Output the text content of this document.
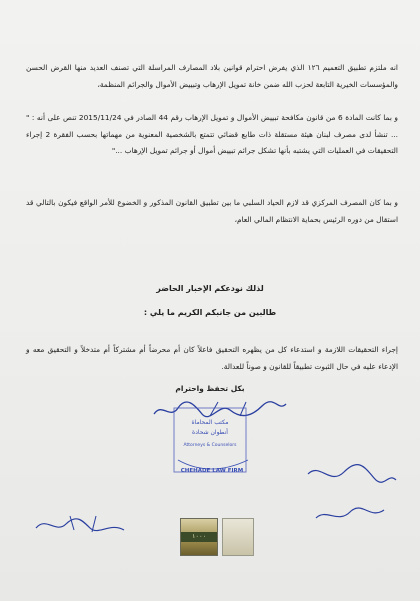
انه ملتزم تطبيق التعميم ١٢٦ الذي يفرض احترام قوانين بلاد المصارف المراسلة التي تصنف العديد منها القرض الحسن والمؤسسات الخيرية التابعة لحزب الله ضمن خانة تمويل الإرهاب وتبييض الأموال والجرائم المنظمة،
و بما كانت المادة 6 من قانون مكافحة تبييض الأموال و تمويل الإرهاب رقم 44 الصادر في 2015/11/24 تنص على أنه : " ... تنشأ لدى مصرف لبنان هيئة مستقلة ذات طابع قضائي تتمتع بالشخصية المعنوية من مهماتها بحسب الفقرة 2 إجراء التحقيقات في العمليات التي يشتبه بأنها تشكل جرائم تبييض أموال أو جرائم تمويل الإرهاب ..."
و بما كان المصرف المركزي قد لازم الحياد السلبي ما بين تطبيق القانون المذكور و الخضوع للأمر الواقع فيكون بالتالي قد استقال من دوره الرئيس بحماية الانتظام المالي العام،
لذلك نودعكم الإخبار الحاضر
طالبين من جانبكم الكريم ما يلي :
إجراء التحقيقات اللازمة و استدعاء كل من يظهره التحقيق فاعلاً كان أم محرضاً أم مشتركاً أم متدخلاً و التحقيق معه و الإدعاء عليه في حال الثبوت تطبيقاً للقانون و صوناً للعدالة.
بكل تحفظ واحترام
مكتب المحاماة
أنطوان شحادة
Attorneys & Counselors
CHEHADE LAW FIRM
١٠٠٠
